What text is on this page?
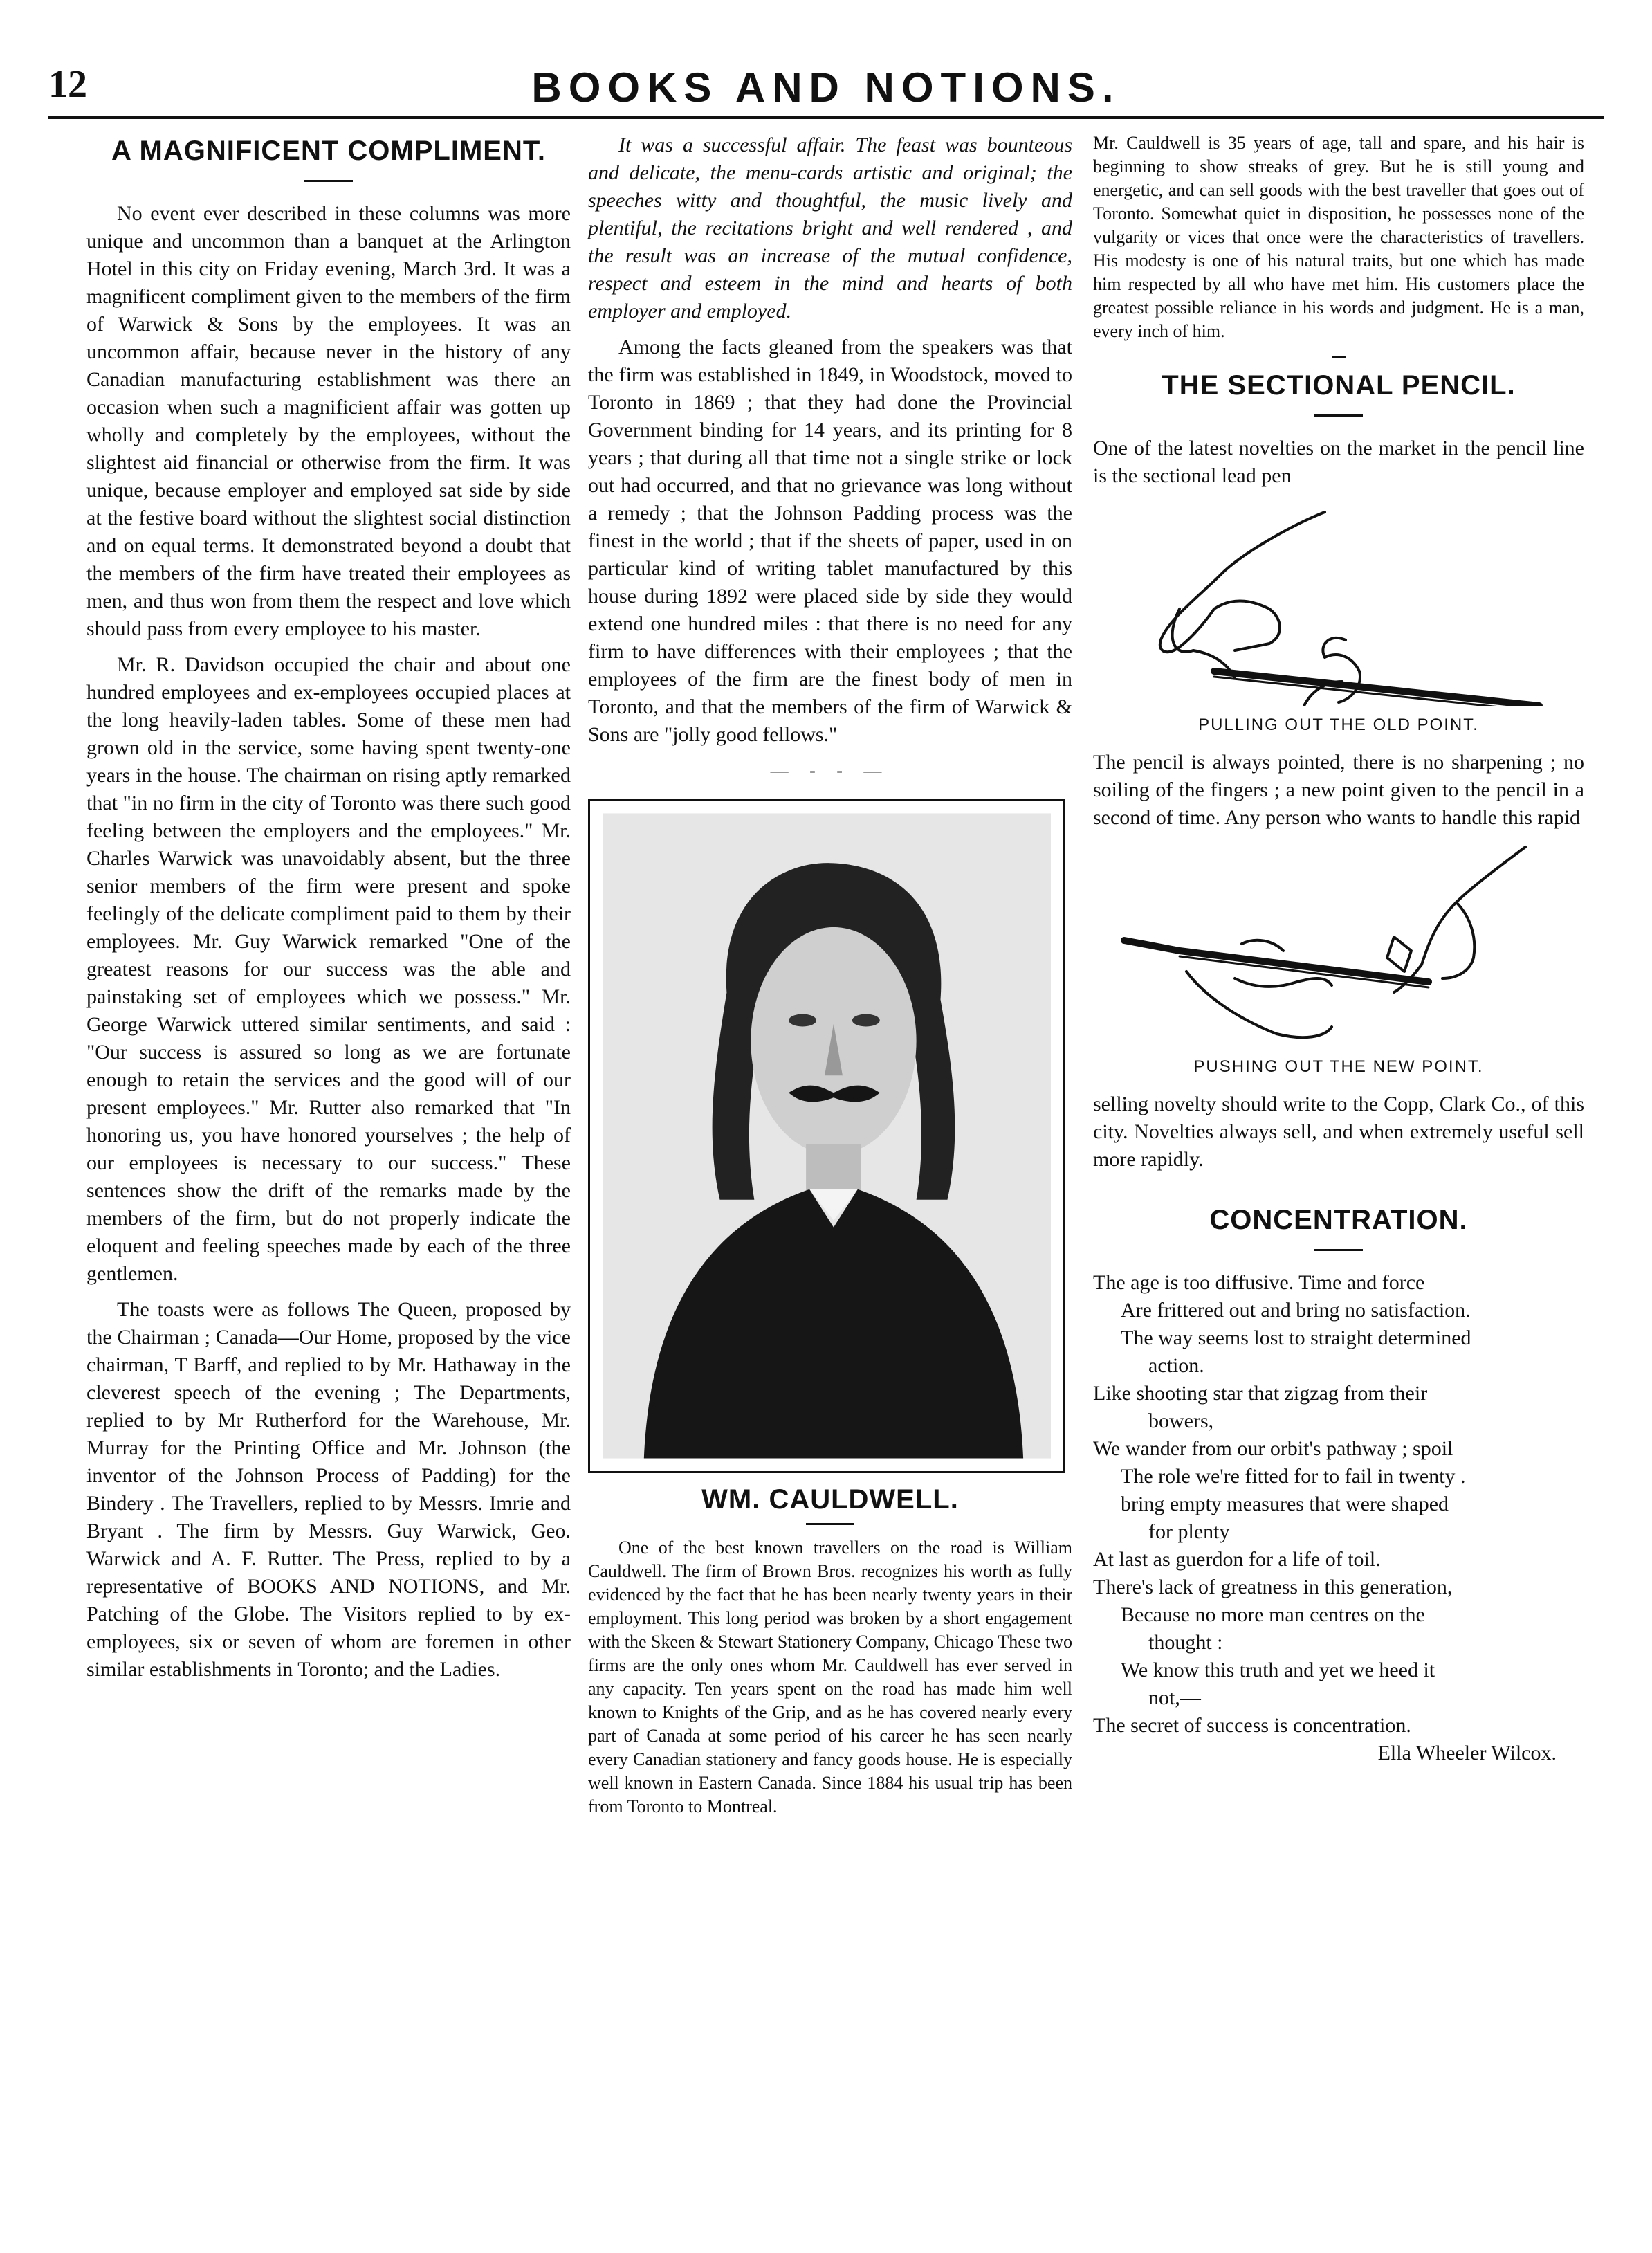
12	BOOKS AND NOTIONS.
A MAGNIFICENT COMPLIMENT.

No event ever described in these columns was more unique and uncommon than a banquet at the Arlington Hotel in this city on Friday evening, March 3rd. It was a magnificent compliment given to the members of the firm of Warwick & Sons by the employees. It was an uncommon affair, because never in the history of any Canadian manufacturing establishment was there an occasion when such a magnificient affair was gotten up wholly and completely by the employees, without the slightest aid financial or otherwise from the firm. It was unique, because employer and employed sat side by side at the festive board without the slightest social distinction and on equal terms. It demonstrated beyond a doubt that the members of the firm have treated their employees as men, and thus won from them the respect and love which should pass from every employee to his master.

Mr. R. Davidson occupied the chair and about one hundred employees and ex-employees occupied places at the long heavily-laden tables. Some of these men had grown old in the service, some having spent twenty-one years in the house. The chairman on rising aptly remarked that "in no firm in the city of Toronto was there such good feeling between the employers and the employees." Mr. Charles Warwick was unavoidably absent, but the three senior members of the firm were present and spoke feelingly of the delicate compliment paid to them by their employees. Mr. Guy Warwick remarked "One of the greatest reasons for our success was the able and painstaking set of employees which we possess." Mr. George Warwick uttered similar sentiments, and said : "Our success is assured so long as we are fortunate enough to retain the services and the good will of our present employees." Mr. Rutter also remarked that "In honoring us, you have honored yourselves ; the help of our employees is necessary to our success." These sentences show the drift of the remarks made by the members of the firm, but do not properly indicate the eloquent and feeling speeches made by each of the three gentlemen.

The toasts were as follows The Queen, proposed by the Chairman ; Canada—Our Home, proposed by the vice chairman, T Barff, and replied to by Mr. Hathaway in the cleverest speech of the evening ; The Departments, replied to by Mr Rutherford for the Warehouse, Mr. Murray for the Printing Office and Mr. Johnson (the inventor of the Johnson Process of Padding) for the Bindery . The Travellers, replied to by Messrs. Imrie and Bryant . The firm by Messrs. Guy Warwick, Geo. Warwick and A. F. Rutter. The Press, replied to by a representative of BOOKS AND NOTIONS, and Mr. Patching of the Globe. The Visitors replied to by ex-employees, six or seven of whom are foremen in other similar establishments in Toronto; and the Ladies.

It was a successful affair. The feast was bounteous and delicate, the menu-cards artistic and original; the speeches witty and thoughtful, the music lively and plentiful, the recitations bright and well rendered , and the result was an increase of the mutual confidence, respect and esteem in the mind and hearts of both employer and employed.

Among the facts gleaned from the speakers was that the firm was established in 1849, in Woodstock, moved to Toronto in 1869 ; that they had done the Provincial Government binding for 14 years, and its printing for 8 years ; that during all that time not a single strike or lock out had occurred, and that no grievance was long without a remedy ; that the Johnson Padding process was the finest in the world ; that if the sheets of paper, used in on particular kind of writing tablet manufactured by this house during 1892 were placed side by side they would extend one hundred miles : that there is no need for any firm to have differences with their employees ; that the employees of the firm are the finest body of men in Toronto, and that the members of the firm of Warwick & Sons are "jolly good fellows."

— - - —
WM. CAULDWELL.

One of the best known travellers on the road is William Cauldwell. The firm of Brown Bros. recognizes his worth as fully evidenced by the fact that he has been nearly twenty years in their employment. This long period was broken by a short engagement with the Skeen & Stewart Stationery Company, Chicago These two firms are the only ones whom Mr. Cauldwell has ever served in any capacity. Ten years spent on the road has made him well known to Knights of the Grip, and as he has covered nearly every part of Canada at some period of his career he has seen nearly every Canadian stationery and fancy goods house. He is especially well known in Eastern Canada. Since 1884 his usual trip has been from Toronto to Montreal.

Mr. Cauldwell is 35 years of age, tall and spare, and his hair is beginning to show streaks of grey. But he is still young and energetic, and can sell goods with the best traveller that goes out of Toronto. Somewhat quiet in disposition, he possesses none of the vulgarity or vices that once were the characteristics of travellers. His modesty is one of his natural traits, but one which has made him respected by all who have met him. His customers place the greatest possible reliance in his words and judgment. He is a man, every inch of him.

THE SECTIONAL PENCIL.

One of the latest novelties on the market in the pencil line is the sectional lead pen

PULLING OUT THE OLD POINT.

The pencil is always pointed, there is no sharpening ; no soiling of the fingers ; a new point given to the pencil in a second of time. Any person who wants to handle this rapid

PUSHING OUT THE NEW POINT.

selling novelty should write to the Copp, Clark Co., of this city. Novelties always sell, and when extremely useful sell more rapidly.

CONCENTRATION.
The age is too diffusive. Time and force
Are frittered out and bring no satisfaction.
The way seems lost to straight determined
action.
Like shooting star that zigzag from their
bowers,
We wander from our orbit's pathway ; spoil
The role we're fitted for to fail in twenty .
bring empty measures that were shaped
for plenty
At last as guerdon for a life of toil.
There's lack of greatness in this generation,
Because no more man centres on the
thought :
We know this truth and yet we heed it
not,—
The secret of success is concentration.
Ella Wheeler Wilcox.
